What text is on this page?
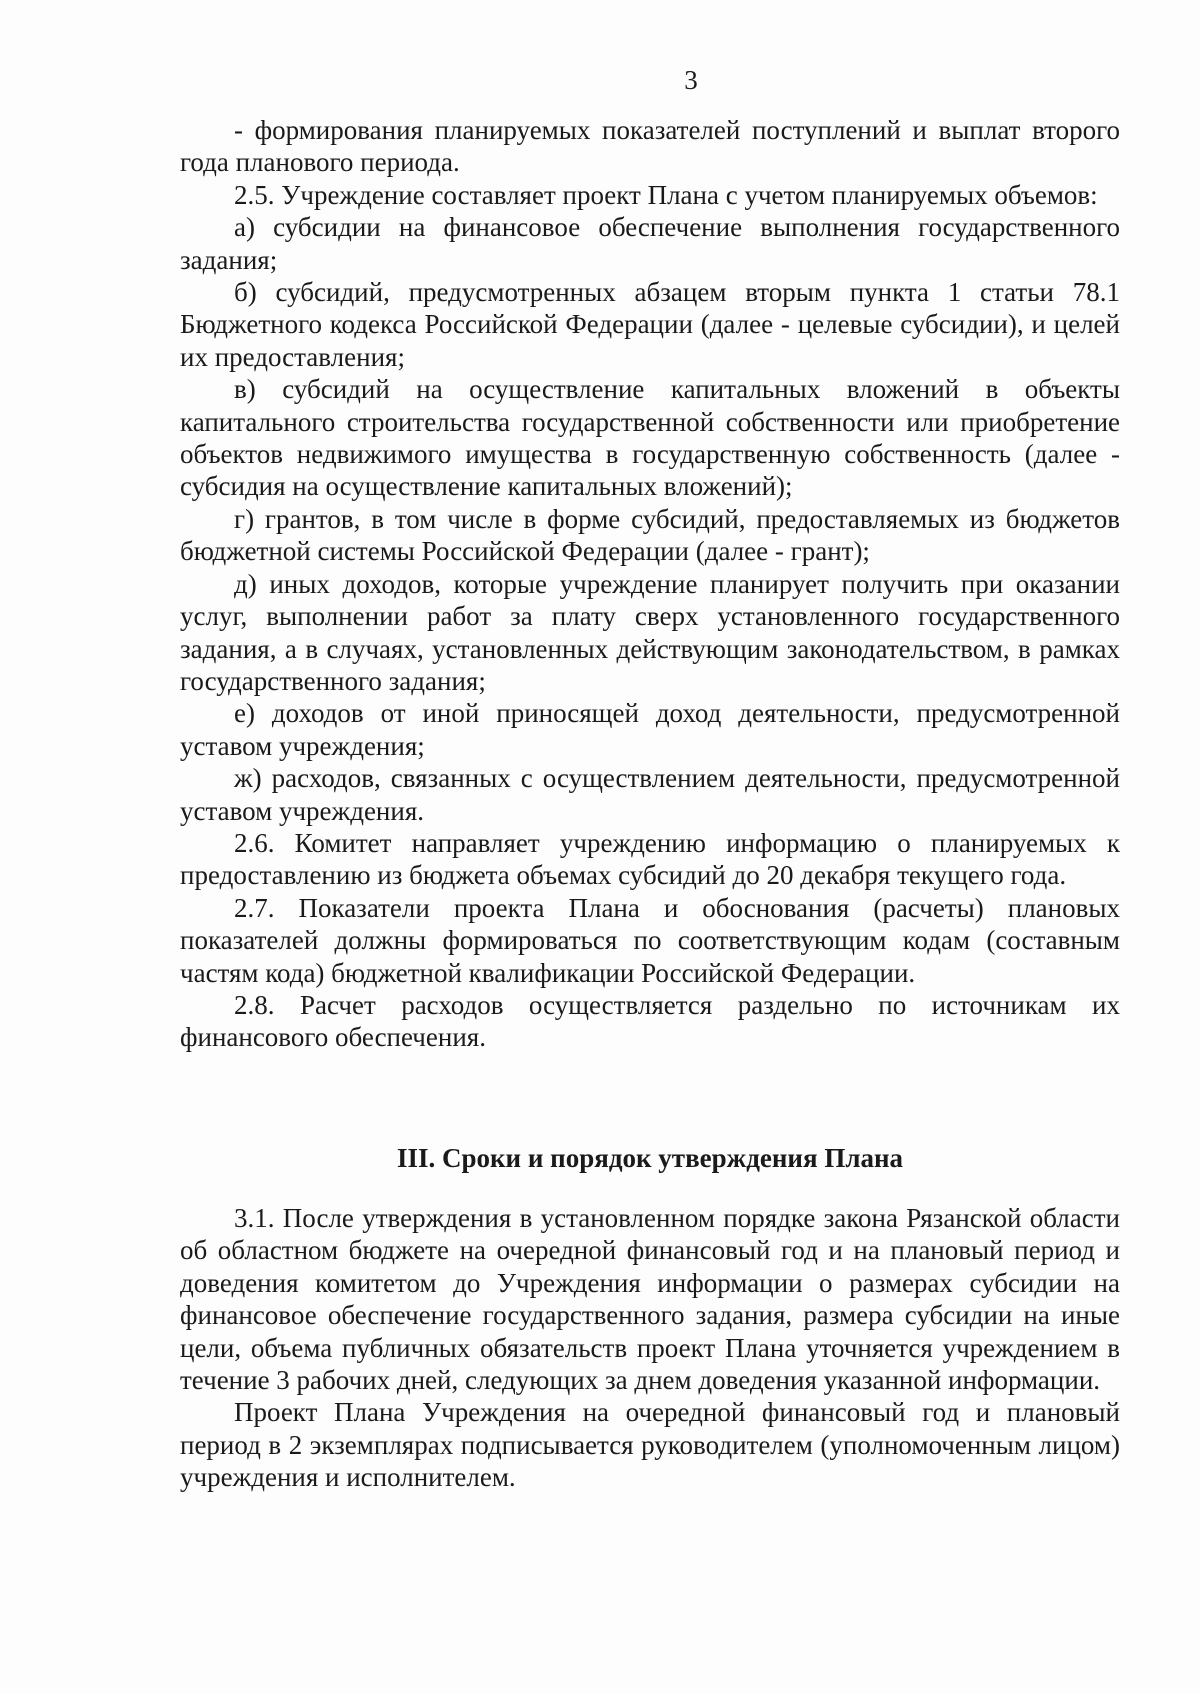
3

- формирования планируемых показателей поступлений и выплат второго года планового периода.

2.5. Учреждение составляет проект Плана с учетом планируемых объемов:

а) субсидии на финансовое обеспечение выполнения государственного задания;

б) субсидий, предусмотренных абзацем вторым пункта 1 статьи 78.1 Бюджетного кодекса Российской Федерации (далее - целевые субсидии), и целей их предоставления;

в) субсидий на осуществление капитальных вложений в объекты капитального строительства государственной собственности или приобретение объектов недвижимого имущества в государственную собственность (далее - субсидия на осуществление капитальных вложений);

г) грантов, в том числе в форме субсидий, предоставляемых из бюджетов бюджетной системы Российской Федерации (далее - грант);

д) иных доходов, которые учреждение планирует получить при оказании услуг, выполнении работ за плату сверх установленного государственного задания, а в случаях, установленных действующим законодательством, в рамках государственного задания;

е) доходов от иной приносящей доход деятельности, предусмотренной уставом учреждения;

ж) расходов, связанных с осуществлением деятельности, предусмотренной уставом учреждения.

2.6. Комитет направляет учреждению информацию о планируемых к предоставлению из бюджета объемах субсидий до 20 декабря текущего года.

2.7. Показатели проекта Плана и обоснования (расчеты) плановых показателей должны формироваться по соответствующим кодам (составным частям кода) бюджетной квалификации Российской Федерации.

2.8. Расчет расходов осуществляется раздельно по источникам их финансового обеспечения.

III. Сроки и порядок утверждения Плана

3.1. После утверждения в установленном порядке закона Рязанской области об областном бюджете на очередной финансовый год и на плановый период и доведения комитетом до Учреждения информации о размерах субсидии на финансовое обеспечение государственного задания, размера субсидии на иные цели, объема публичных обязательств проект Плана уточняется учреждением в течение 3 рабочих дней, следующих за днем доведения указанной информации.

Проект Плана Учреждения на очередной финансовый год и плановый период в 2 экземплярах подписывается руководителем (уполномоченным лицом) учреждения и исполнителем.
